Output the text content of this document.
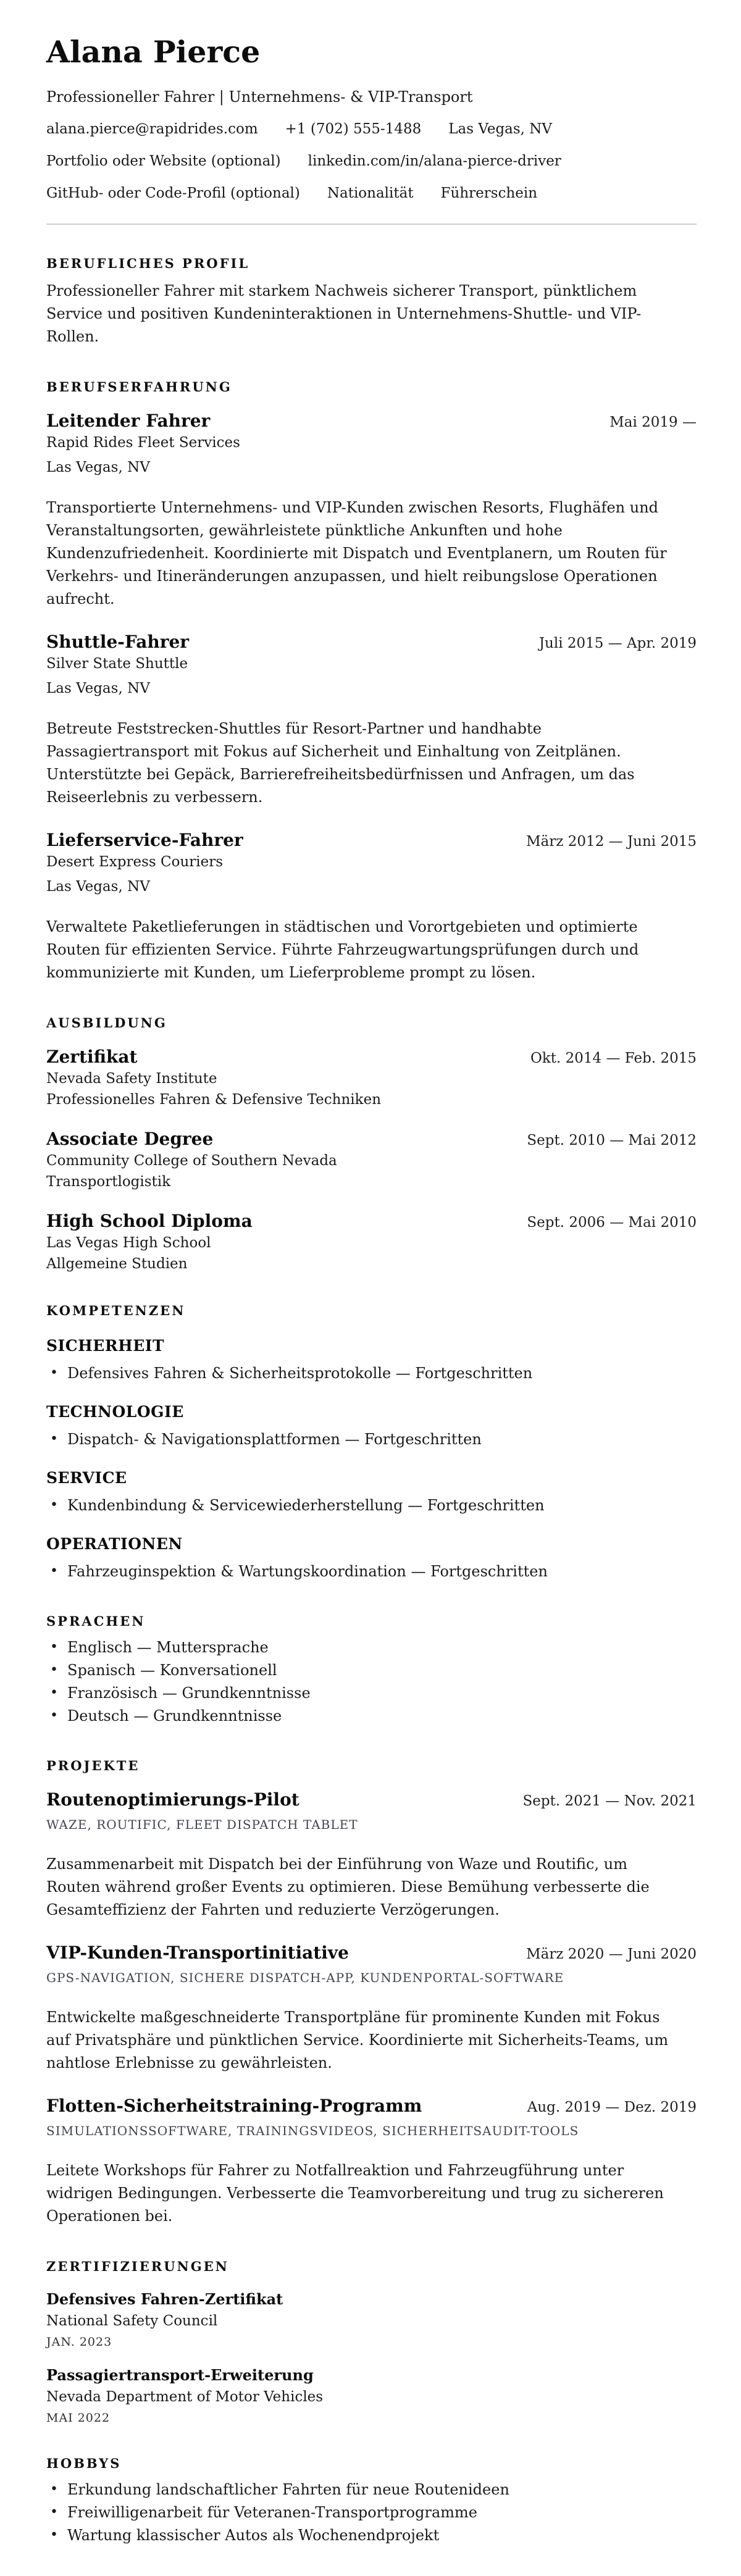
Alana Pierce
Professioneller Fahrer | Unternehmens- & VIP-Transport
alana.pierce@rapidrides.com +1 (702) 555-1488 Las Vegas, NV
Portfolio oder Website (optional) linkedin.com/in/alana-pierce-driver
GitHub- oder Code-Profil (optional) Nationalität Führerschein
BERUFLICHES PROFIL

Professioneller Fahrer mit starkem Nachweis sicherer Transport, pünktlichem Service und positiven Kundeninteraktionen in Unternehmens-Shuttle- und VIP-Rollen.

BERUFSERFAHRUNG
Leitender Fahrer	Mai 2019 —
Rapid Rides Fleet Services
Las Vegas, NV

Transportierte Unternehmens- und VIP-Kunden zwischen Resorts, Flughäfen und Veranstaltungsorten, gewährleistete pünktliche Ankunften und hohe Kundenzufriedenheit. Koordinierte mit Dispatch und Eventplanern, um Routen für Verkehrs- und Itineränderungen anzupassen, und hielt reibungslose Operationen aufrecht.

Shuttle-Fahrer	Juli 2015 — Apr. 2019
Silver State Shuttle
Las Vegas, NV

Betreute Feststrecken-Shuttles für Resort-Partner und handhabte Passagiertransport mit Fokus auf Sicherheit und Einhaltung von Zeitplänen. Unterstützte bei Gepäck, Barrierefreiheitsbedürfnissen und Anfragen, um das Reiseerlebnis zu verbessern.

Lieferservice-Fahrer	März 2012 — Juni 2015
Desert Express Couriers
Las Vegas, NV

Verwaltete Paketlieferungen in städtischen und Vorortgebieten und optimierte Routen für effizienten Service. Führte Fahrzeugwartungsprüfungen durch und kommunizierte mit Kunden, um Lieferprobleme prompt zu lösen.

AUSBILDUNG
Zertifikat	Okt. 2014 — Feb. 2015
Nevada Safety Institute
Professionelles Fahren & Defensive Techniken
Associate Degree	Sept. 2010 — Mai 2012
Community College of Southern Nevada
Transportlogistik
High School Diploma	Sept. 2006 — Mai 2010
Las Vegas High School
Allgemeine Studien
KOMPETENZEN
SICHERHEIT
• Defensives Fahren & Sicherheitsprotokolle — Fortgeschritten
TECHNOLOGIE
• Dispatch- & Navigationsplattformen — Fortgeschritten
SERVICE
• Kundenbindung & Servicewiederherstellung — Fortgeschritten
OPERATIONEN
• Fahrzeuginspektion & Wartungskoordination — Fortgeschritten
SPRACHEN
• Englisch — Muttersprache
• Spanisch — Konversationell
• Französisch — Grundkenntnisse
• Deutsch — Grundkenntnisse
PROJEKTE
Routenoptimierungs-Pilot	Sept. 2021 — Nov. 2021
WAZE, ROUTIFIC, FLEET DISPATCH TABLET

Zusammenarbeit mit Dispatch bei der Einführung von Waze und Routific, um Routen während großer Events zu optimieren. Diese Bemühung verbesserte die Gesamteffizienz der Fahrten und reduzierte Verzögerungen.

VIP-Kunden-Transportinitiative	März 2020 — Juni 2020
GPS-NAVIGATION, SICHERE DISPATCH-APP, KUNDENPORTAL-SOFTWARE

Entwickelte maßgeschneiderte Transportpläne für prominente Kunden mit Fokus auf Privatsphäre und pünktlichen Service. Koordinierte mit Sicherheits-Teams, um nahtlose Erlebnisse zu gewährleisten.

Flotten-Sicherheitstraining-Programm	Aug. 2019 — Dez. 2019
SIMULATIONSSOFTWARE, TRAININGSVIDEOS, SICHERHEITSAUDIT-TOOLS

Leitete Workshops für Fahrer zu Notfallreaktion und Fahrzeugführung unter widrigen Bedingungen. Verbesserte die Teamvorbereitung und trug zu sichereren Operationen bei.

ZERTIFIZIERUNGEN
Defensives Fahren-Zertifikat
National Safety Council
JAN. 2023
Passagiertransport-Erweiterung
Nevada Department of Motor Vehicles
MAI 2022
HOBBYS
• Erkundung landschaftlicher Fahrten für neue Routenideen
• Freiwilligenarbeit für Veteranen-Transportprogramme
• Wartung klassischer Autos als Wochenendprojekt
